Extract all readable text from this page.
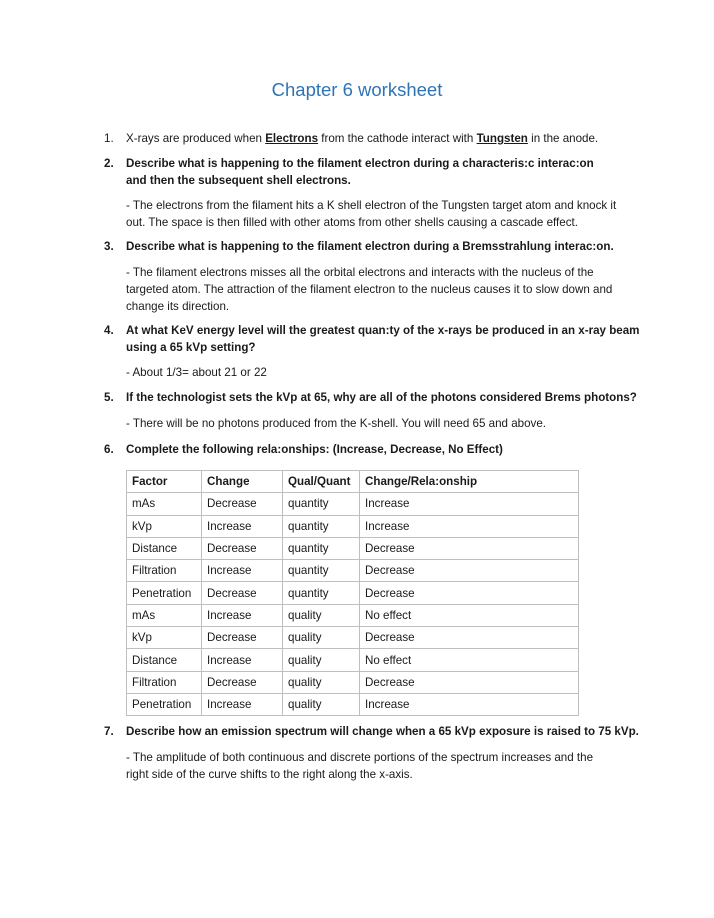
Chapter 6 worksheet
1. X-rays are produced when Electrons from the cathode interact with Tungsten in the anode.
2. Describe what is happening to the filament electron during a characteris:c interac:on and then the subsequent shell electrons.
- The electrons from the filament hits a K shell electron of the Tungsten target atom and knock it out. The space is then filled with other atoms from other shells causing a cascade effect.
3. Describe what is happening to the filament electron during a Bremsstrahlung interac:on.
- The filament electrons misses all the orbital electrons and interacts with the nucleus of the targeted atom. The attraction of the filament electron to the nucleus causes it to slow down and change its direction.
4. At what KeV energy level will the greatest quan:ty of the x-rays be produced in an x-ray beam using a 65 kVp setting?
- About 1/3= about 21 or 22
5. If the technologist sets the kVp at 65, why are all of the photons considered Brems photons?
- There will be no photons produced from the K-shell. You will need 65 and above.
6. Complete the following rela:onships: (Increase, Decrease, No Effect)
Factor	Change	Qual/Quant	Change/Rela:onship
mAs	Decrease	quantity	Increase
kVp	Increase	quantity	Increase
Distance	Decrease	quantity	Decrease
Filtration	Increase	quantity	Decrease
Penetration	Decrease	quantity	Decrease
mAs	Increase	quality	No effect
kVp	Decrease	quality	Decrease
Distance	Increase	quality	No effect
Filtration	Decrease	quality	Decrease
Penetration	Increase	quality	Increase
7. Describe how an emission spectrum will change when a 65 kVp exposure is raised to 75 kVp.
- The amplitude of both continuous and discrete portions of the spectrum increases and the right side of the curve shifts to the right along the x-axis.
